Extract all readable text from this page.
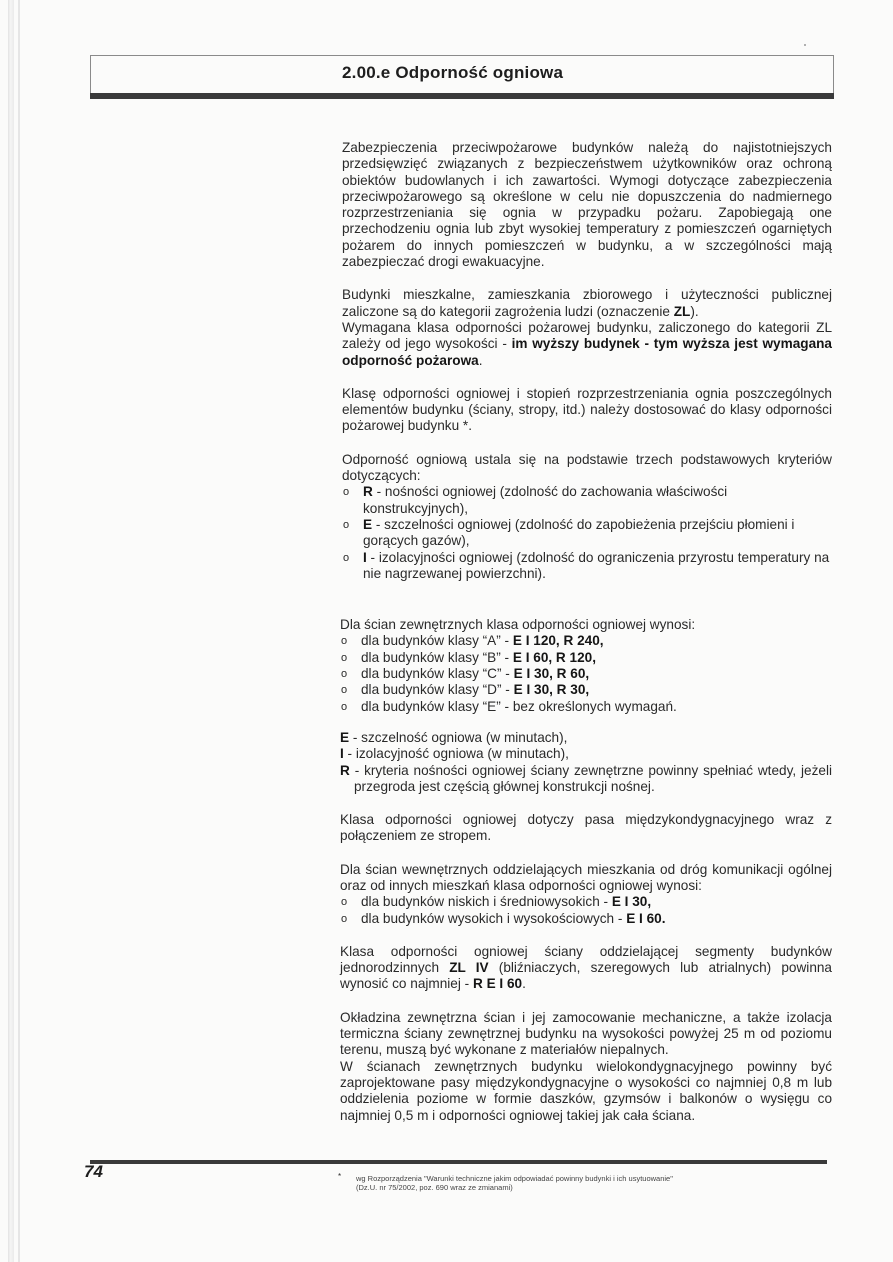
2.00.e Odporność ogniowa

Zabezpieczenia przeciwpożarowe budynków należą do najistotniejszych przedsięwzięć związanych z bezpieczeństwem użytkowników oraz ochroną obiektów budowlanych i ich zawartości. Wymogi dotyczące zabezpieczenia przeciwpożarowego są określone w celu nie dopuszczenia do nadmiernego rozprzestrzeniania się ognia w przypadku pożaru. Zapobiegają one przechodzeniu ognia lub zbyt wysokiej temperatury z pomieszczeń ogarniętych pożarem do innych pomieszczeń w budynku, a w szczególności mają zabezpieczać drogi ewakuacyjne.

Budynki mieszkalne, zamieszkania zbiorowego i użyteczności publicznej zaliczone są do kategorii zagrożenia ludzi (oznaczenie ZL).

Wymagana klasa odporności pożarowej budynku, zaliczonego do kategorii ZL zależy od jego wysokości - im wyższy budynek - tym wyższa jest wymagana odporność pożarowa.

Klasę odporności ogniowej i stopień rozprzestrzeniania ognia poszczególnych elementów budynku (ściany, stropy, itd.) należy dostosować do klasy odporności pożarowej budynku *.

Odporność ogniową ustala się na podstawie trzech podstawowych kryteriów dotyczących:

o R - nośności ogniowej (zdolność do zachowania właściwości konstrukcyjnych),
o E - szczelności ogniowej (zdolność do zapobieżenia przejściu płomieni i gorących gazów),
o I - izolacyjności ogniowej (zdolność do ograniczenia przyrostu temperatury na nie nagrzewanej powierzchni).

Dla ścian zewnętrznych klasa odporności ogniowej wynosi:

o dla budynków klasy “A” - E I 120, R 240,
o dla budynków klasy “B” - E I 60, R 120,
o dla budynków klasy “C” - E I 30, R 60,
o dla budynków klasy “D” - E I 30, R 30,
o dla budynków klasy “E” - bez określonych wymagań.

E - szczelność ogniowa (w minutach),

I - izolacyjność ogniowa (w minutach),

R - kryteria nośności ogniowej ściany zewnętrzne powinny spełniać wtedy, jeżeli przegroda jest częścią głównej konstrukcji nośnej.

Klasa odporności ogniowej dotyczy pasa międzykondygnacyjnego wraz z połączeniem ze stropem.

Dla ścian wewnętrznych oddzielających mieszkania od dróg komunikacji ogólnej oraz od innych mieszkań klasa odporności ogniowej wynosi:

o dla budynków niskich i średniowysokich - E I 30,
o dla budynków wysokich i wysokościowych - E I 60.

Klasa odporności ogniowej ściany oddzielającej segmenty budynków jednorodzinnych ZL IV (bliźniaczych, szeregowych lub atrialnych) powinna wynosić co najmniej - R E I 60.

Okładzina zewnętrzna ścian i jej zamocowanie mechaniczne, a także izolacja termiczna ściany zewnętrznej budynku na wysokości powyżej 25 m od poziomu terenu, muszą być wykonane z materiałów niepalnych.

W ścianach zewnętrznych budynku wielokondygnacyjnego powinny być zaprojektowane pasy międzykondygnacyjne o wysokości co najmniej 0,8 m lub oddzielenia poziome w formie daszków, gzymsów i balkonów o wysięgu co najmniej 0,5 m i odporności ogniowej takiej jak cała ściana.

74	* wg Rozporządzenia "Warunki techniczne jakim odpowiadać powinny budynki i ich usytuowanie"
(Dz.U. nr 75/2002, poz. 690 wraz ze zmianami)
